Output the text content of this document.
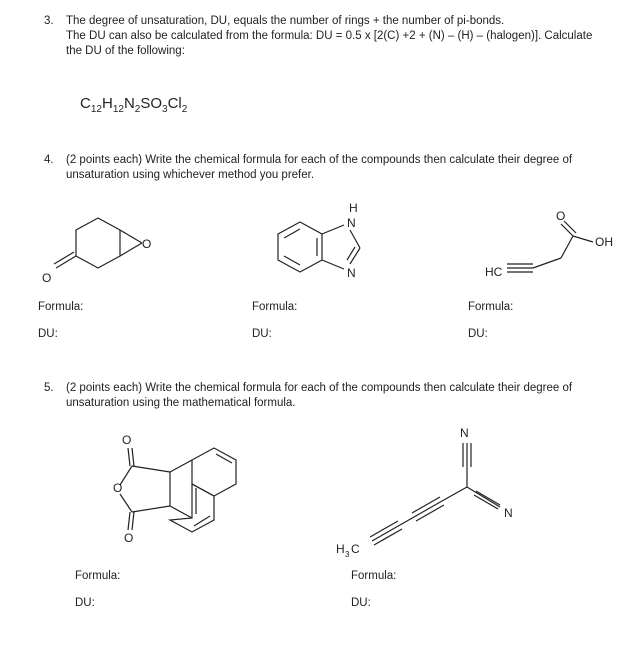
3. The degree of unsaturation, DU, equals the number of rings + the number of pi-bonds.
The DU can also be calculated from the formula: DU = 0.5 x [2(C) +2 + (N) – (H) – (halogen)]. Calculate
the DU of the following:
$C_{12}H_{12}N_2SO_3Cl_2$
4. (2 points each) Write the chemical formula for each of the compounds then calculate their degree of
unsaturation using whichever method you prefer.
O
O
H
N
N	HC
O
OH
Formula:	Formula:	Formula:
DU:	DU:	DU:
5. (2 points each) Write the chemical formula for each of the compounds then calculate their degree of
unsaturation using the mathematical formula.
O
O
O
N
N
H 3 C
Formula:	Formula:
DU:	DU:
